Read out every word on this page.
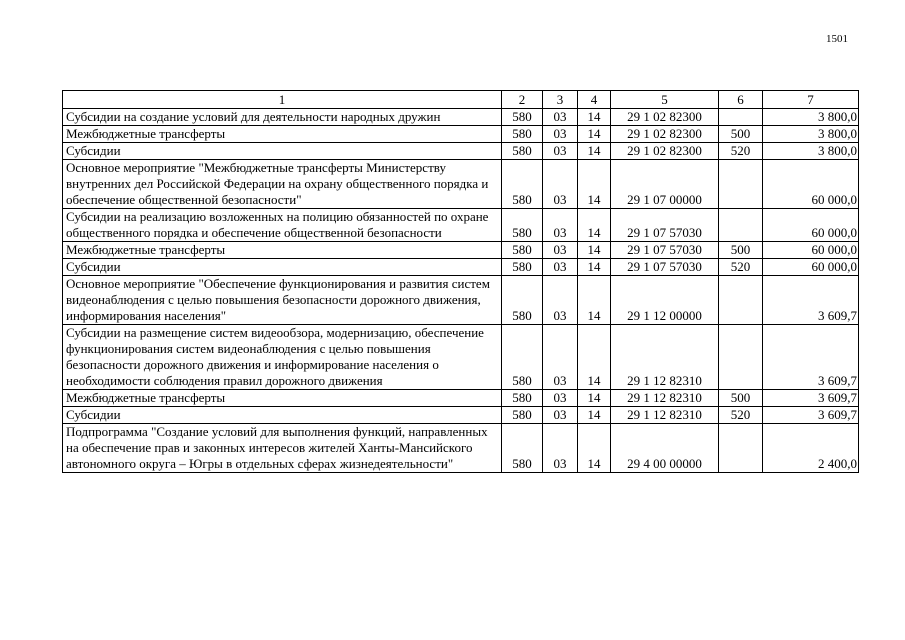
1501
1	2	3	4	5	6	7
Субсидии на создание условий для деятельности народных дружин	580	03	14	29 1 02 82300		3 800,0
Межбюджетные трансферты	580	03	14	29 1 02 82300	500	3 800,0
Субсидии	580	03	14	29 1 02 82300	520	3 800,0
Основное мероприятие "Межбюджетные трансферты Министерству внутренних дел Российской Федерации на охрану общественного порядка и обеспечение общественной безопасности"	580	03	14	29 1 07 00000		60 000,0
Субсидии на реализацию возложенных на полицию обязанностей по охране общественного порядка и обеспечение общественной безопасности	580	03	14	29 1 07 57030		60 000,0
Межбюджетные трансферты	580	03	14	29 1 07 57030	500	60 000,0
Субсидии	580	03	14	29 1 07 57030	520	60 000,0
Основное мероприятие "Обеспечение функционирования и развития систем видеонаблюдения с целью повышения безопасности дорожного движения, информирования населения"	580	03	14	29 1 12 00000		3 609,7
Субсидии на размещение систем видеообзора, модернизацию, обеспечение функционирования систем видеонаблюдения с целью повышения безопасности дорожного движения и информирование населения о необходимости соблюдения правил дорожного движения	580	03	14	29 1 12 82310		3 609,7
Межбюджетные трансферты	580	03	14	29 1 12 82310	500	3 609,7
Субсидии	580	03	14	29 1 12 82310	520	3 609,7
Подпрограмма "Создание условий для выполнения функций, направленных на обеспечение прав и законных интересов жителей Ханты-Мансийского автономного округа – Югры в отдельных сферах жизнедеятельности"	580	03	14	29 4 00 00000		2 400,0
